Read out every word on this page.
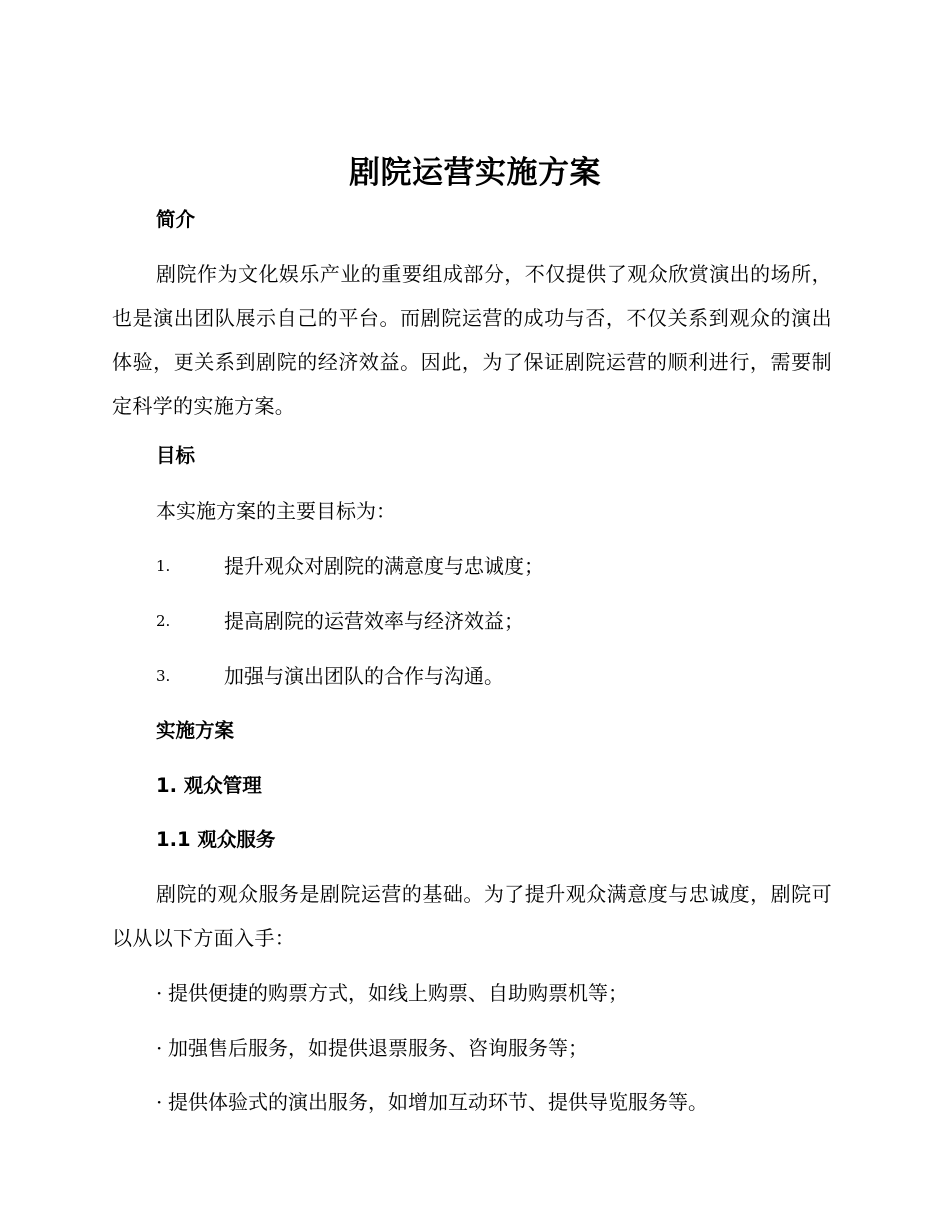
剧院运营实施方案
简介
剧院作为文化娱乐产业的重要组成部分，不仅提供了观众欣赏演出的场所，也是演出团队展示自己的平台。而剧院运营的成功与否，不仅关系到观众的演出体验，更关系到剧院的经济效益。因此，为了保证剧院运营的顺利进行，需要制定科学的实施方案。
目标
本实施方案的主要目标为：
1.	提升观众对剧院的满意度与忠诚度；
2.	提高剧院的运营效率与经济效益；
3.	加强与演出团队的合作与沟通。
实施方案
1. 观众管理
1.1 观众服务
剧院的观众服务是剧院运营的基础。为了提升观众满意度与忠诚度，剧院可以从以下方面入手：
· 提供便捷的购票方式，如线上购票、自助购票机等；
· 加强售后服务，如提供退票服务、咨询服务等；
· 提供体验式的演出服务，如增加互动环节、提供导览服务等。
